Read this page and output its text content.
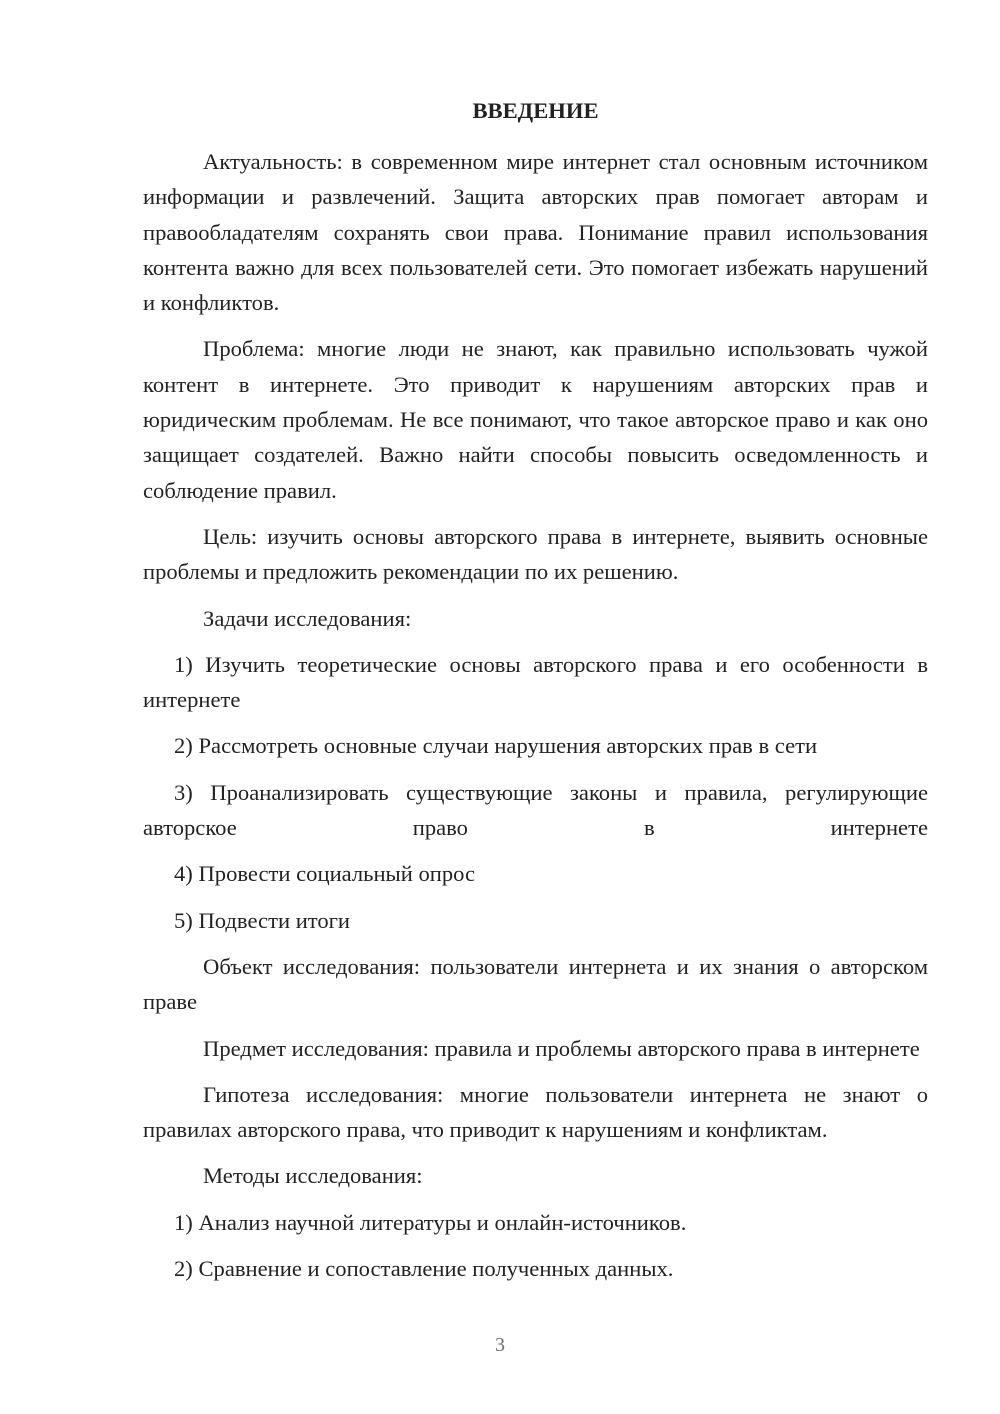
ВВЕДЕНИЕ

Актуальность: в современном мире интернет стал основным источником информации и развлечений. Защита авторских прав помогает авторам и правообладателям сохранять свои права. Понимание правил использования контента важно для всех пользователей сети. Это помогает избежать нарушений и конфликтов.

Проблема: многие люди не знают, как правильно использовать чужой контент в интернете. Это приводит к нарушениям авторских прав и юридическим проблемам. Не все понимают, что такое авторское право и как оно защищает создателей. Важно найти способы повысить осведомленность и соблюдение правил.

Цель: изучить основы авторского права в интернете, выявить основные проблемы и предложить рекомендации по их решению.

Задачи исследования:

1) Изучить теоретические основы авторского права и его особенности в интернете

2) Рассмотреть основные случаи нарушения авторских прав в сети

3) Проанализировать существующие законы и правила, регулирующие авторское право в интернете

4) Провести социальный опрос

5) Подвести итоги

Объект исследования: пользователи интернета и их знания о авторском праве

Предмет исследования: правила и проблемы авторского права в интернете

Гипотеза исследования: многие пользователи интернета не знают о правилах авторского права, что приводит к нарушениям и конфликтам.

Методы исследования:

1) Анализ научной литературы и онлайн-источников.

2) Сравнение и сопоставление полученных данных.

3
